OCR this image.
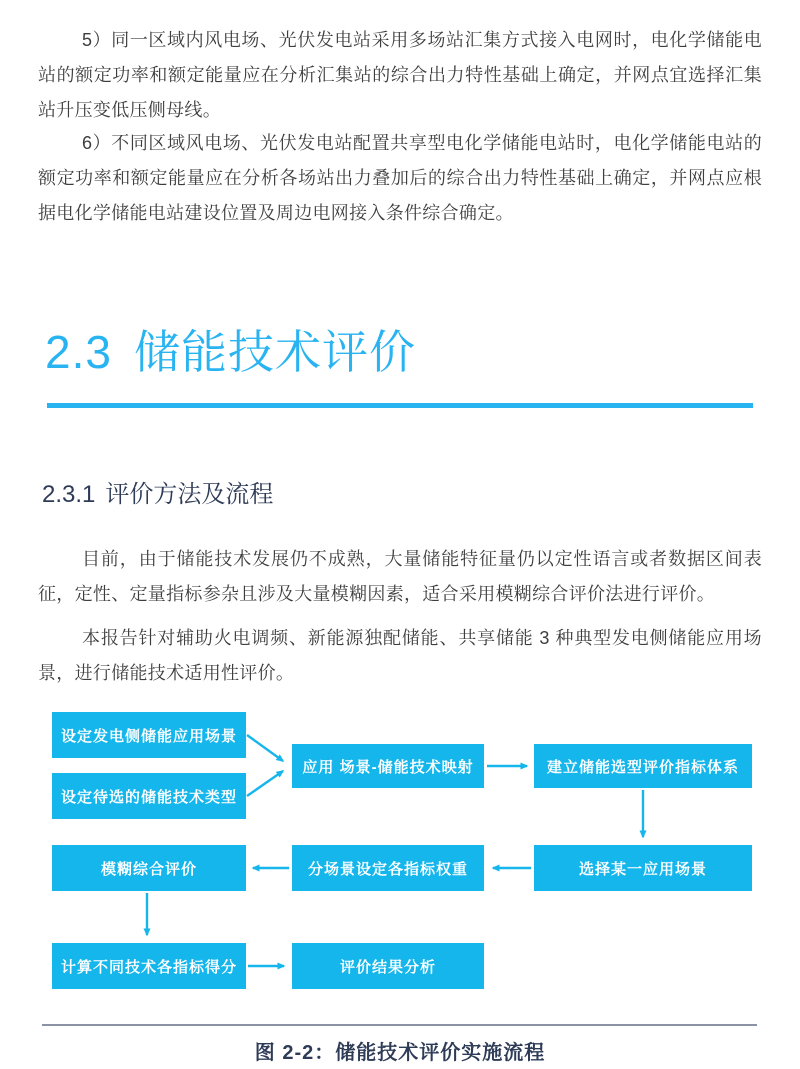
5）同一区域内风电场、光伏发电站采用多场站汇集方式接入电网时，电化学储能电站的额定功率和额定能量应在分析汇集站的综合出力特性基础上确定，并网点宜选择汇集站升压变低压侧母线。

6）不同区域风电场、光伏发电站配置共享型电化学储能电站时，电化学储能电站的额定功率和额定能量应在分析各场站出力叠加后的综合出力特性基础上确定，并网点应根据电化学储能电站建设位置及周边电网接入条件综合确定。

2.3 储能技术评价
2.3.1 评价方法及流程

目前，由于储能技术发展仍不成熟，大量储能特征量仍以定性语言或者数据区间表征，定性、定量指标参杂且涉及大量模糊因素，适合采用模糊综合评价法进行评价。

本报告针对辅助火电调频、新能源独配储能、共享储能 3 种典型发电侧储能应用场景，进行储能技术适用性评价。

设定发电侧储能应用场景
设定待选的储能技术类型
应用 场景-储能技术映射	建立储能选型评价指标体系
选择某一应用场景
分场景设定各指标权重
模糊综合评价
计算不同技术各指标得分	评价结果分析
图 2-2：储能技术评价实施流程
